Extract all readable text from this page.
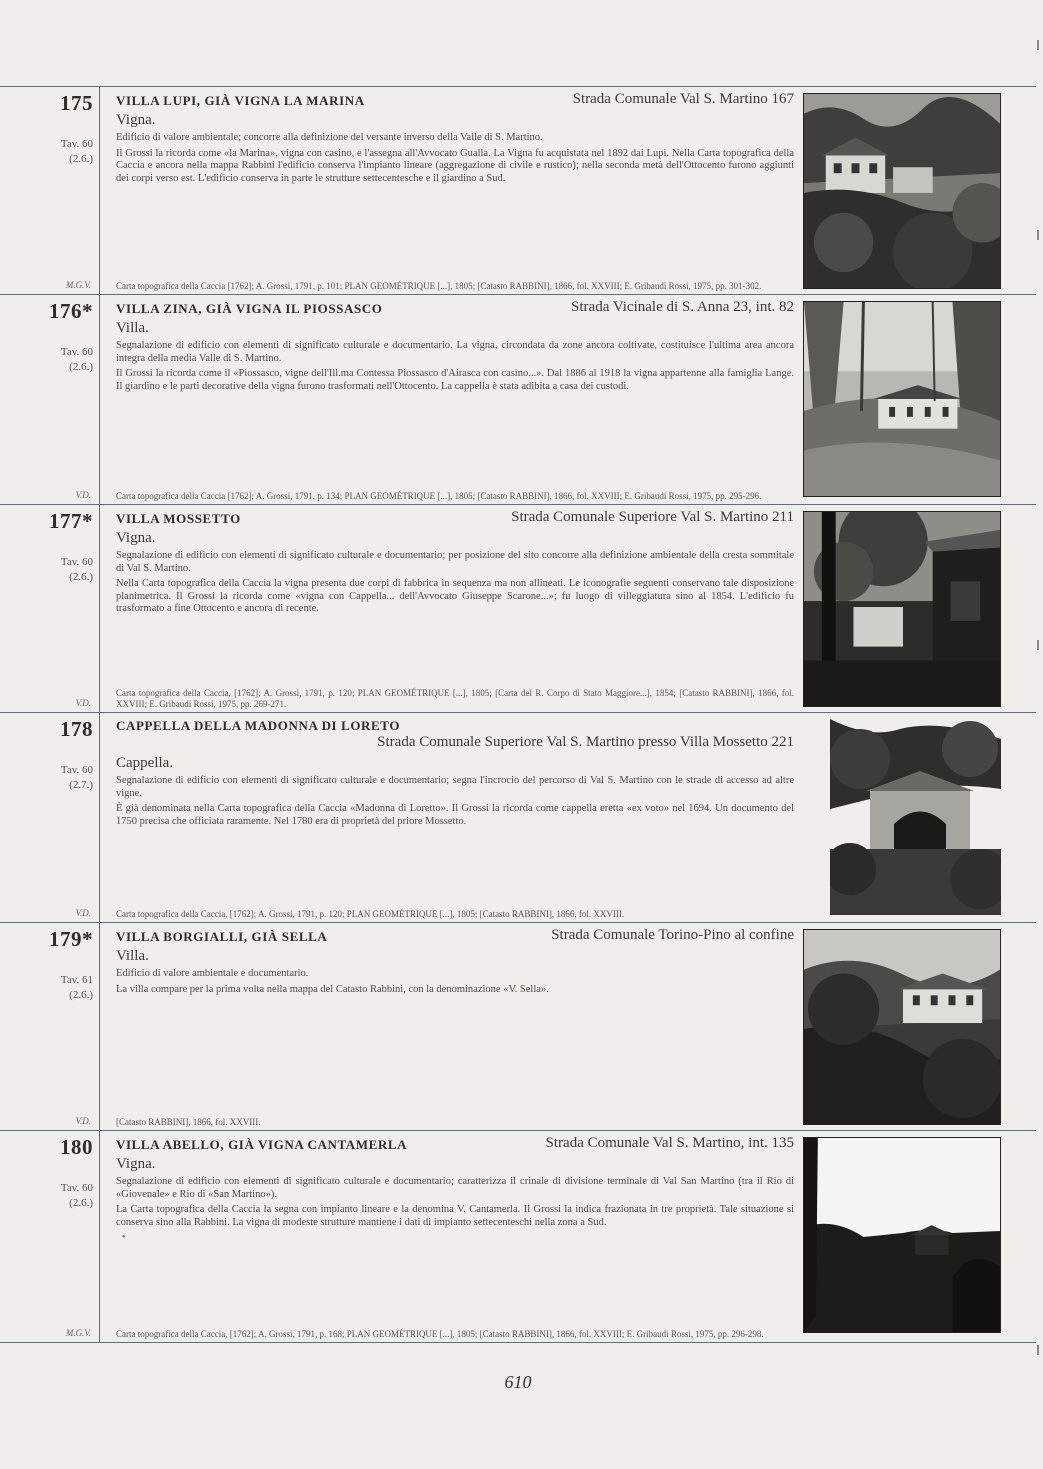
175
Tav. 60
(2.6.)
M.G.V.
VILLA LUPI, GIÀ VIGNA LA MARINA	Strada Comunale Val S. Martino 167
Vigna.

Edificio di valore ambientale; concorre alla definizione del versante inverso della Valle di S. Martino.

Il Grossi la ricorda come «la Marina», vigna con casino, e l'assegna all'Avvocato Gualla. La Vigna fu acquistata nel 1892 dai Lupi. Nella Carta topografica della Caccia e ancora nella mappa Rabbini l'edificio conserva l'impianto lineare (aggregazione di civile e rustico); nella seconda metà dell'Ottocento furono aggiunti dei corpi verso est. L'edificio conserva in parte le strutture settecentesche e il giardino a Sud.

Carta topografica della Caccia [1762]; A. Grossi, 1791, p. 101; PLAN GEOMÉTRIQUE [...], 1805; [Catasto RABBINI], 1866, fol. XXVIII; E. Gribaudi Rossi, 1975, pp. 301-302.
176*
Tav. 60
(2.6.)
V.D.
VILLA ZINA, GIÀ VIGNA IL PIOSSASCO	Strada Vicinale di S. Anna 23, int. 82
Villa.

Segnalazione di edificio con elementi di significato culturale e documentario. La vigna, circondata da zone ancora coltivate, costituisce l'ultima area ancora integra della media Valle di S. Martino.

Il Grossi la ricorda come il «Piossasco, vigne dell'Ill.ma Contessa Piossasco d'Airasca con casino...». Dal 1886 al 1918 la vigna appartenne alla famiglia Lange. Il giardino e le parti decorative della vigna furono trasformati nell'Ottocento. La cappella è stata adibita a casa dei custodi.

Carta topografica della Caccia [1762]; A. Grossi, 1791, p. 134; PLAN GEOMÉTRIQUE [...], 1805; [Catasto RABBINI], 1866, fol. XXVIII; E. Gribaudi Rossi, 1975, pp. 295-296.
177*
Tav. 60
(2.6.)
V.D.
VILLA MOSSETTO	Strada Comunale Superiore Val S. Martino 211
Vigna.

Segnalazione di edificio con elementi di significato culturale e documentario; per posizione del sito concorre alla definizione ambientale della cresta sommitale di Val S. Martino.

Nella Carta topografica della Caccia la vigna presenta due corpi di fabbrica in sequenza ma non allineati. Le iconografie seguenti conservano tale disposizione planimetrica. Il Grossi la ricorda come «vigna con Cappella... dell'Avvocato Giuseppe Scarone...»; fu luogo di villeggiatura sino al 1854. L'edificio fu trasformato a fine Ottocento e ancora di recente.

Carta topografica della Caccia, [1762]; A. Grossi, 1791, p. 120; PLAN GEOMÉTRIQUE [...], 1805; [Carta del R. Corpo di Stato Maggiore...], 1854; [Catasto RABBINI], 1866, fol. XXVIII; E. Gribaudi Rossi, 1975, pp. 269-271.
178
Tav. 60
(2.7.)
V.D.
CAPPELLA DELLA MADONNA DI LORETO
Strada Comunale Superiore Val S. Martino presso Villa Mossetto 221
Cappella.

Segnalazione di edificio con elementi di significato culturale e documentario; segna l'incrocio del percorso di Val S. Martino con le strade di accesso ad altre vigne.

È già denominata nella Carta topografica della Caccia «Madonna di Loretto». Il Grossi la ricorda come cappella eretta «ex voto» nel 1694. Un documento del 1750 precisa che officiata raramente. Nel 1780 era di proprietà del priore Mossetto.

Carta topografica della Caccia, [1762]; A. Grossi, 1791, p. 120; PLAN GEOMÉTRIQUE [...], 1805; [Catasto RABBINI], 1866, fol. XXVIII.
179*
Tav. 61
(2.6.)
V.D.
VILLA BORGIALLI, GIÀ SELLA	Strada Comunale Torino-Pino al confine
Villa.

Edificio di valore ambientale e documentario.

La villa compare per la prima volta nella mappa del Catasto Rabbini, con la denominazione «V. Sella».

[Catasto RABBINI], 1866, fol. XXVIII.
180
Tav. 60
(2.6.)
M.G.V.
VILLA ABELLO, GIÀ VIGNA CANTAMERLA	Strada Comunale Val S. Martino, int. 135
Vigna.

Segnalazione di edificio con elementi di significato culturale e documentario; caratterizza il crinale di divisione terminale di Val San Martino (tra il Rio di «Giovenale» e Rio di «San Martino»).

La Carta topografica della Caccia la segna con impianto lineare e la denomina V. Cantamerla. Il Grossi la indica frazionata in tre proprietà. Tale situazione si conserva sino alla Rabbini. La vigna di modeste strutture mantiene i dati di impianto settecenteschi nella zona a Sud.

•
Carta topografica della Caccia, [1762]; A. Grossi, 1791, p. 168; PLAN GEOMÉTRIQUE [...], 1805; [Catasto RABBINI], 1866, fol. XXVIII; E. Gribaudi Rossi, 1975, pp. 296-298.
610
